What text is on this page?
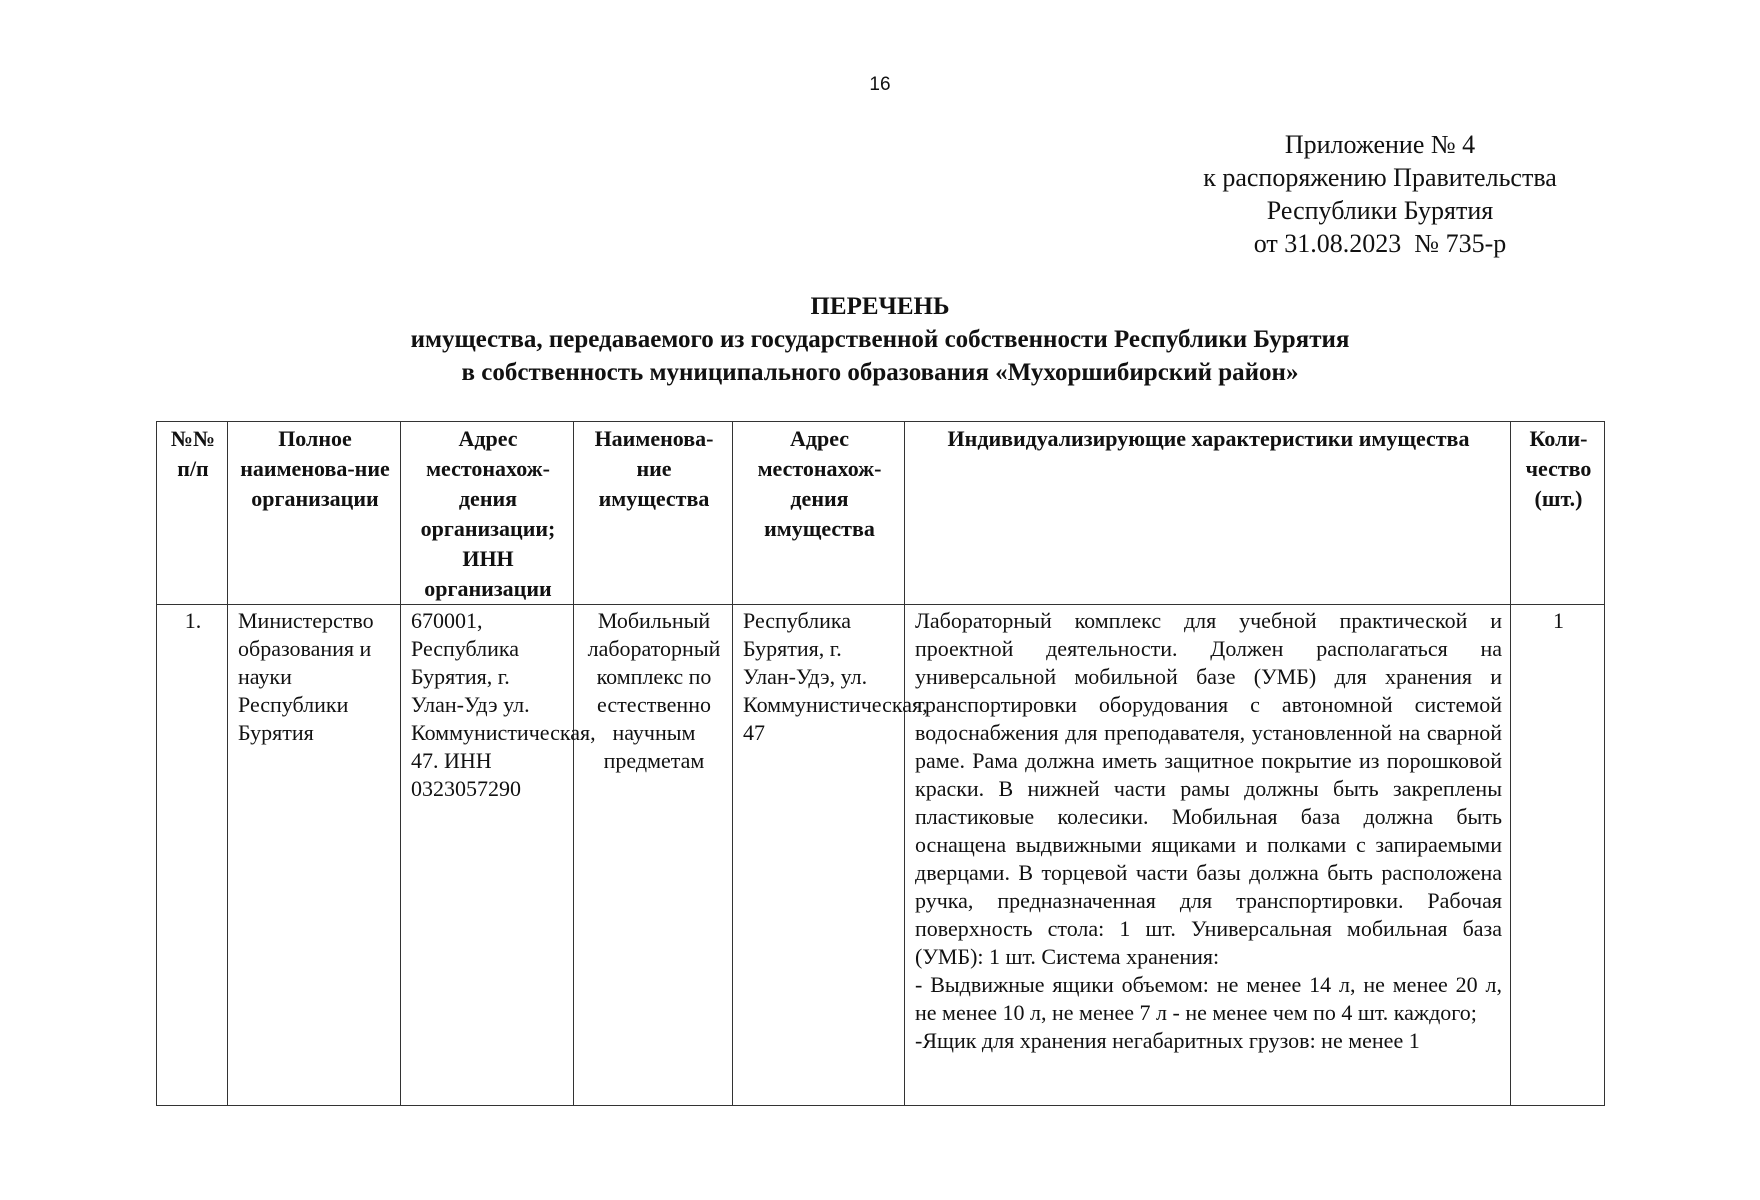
16
Приложение № 4
к распоряжению Правительства
Республики Бурятия
от 31.08.2023  № 735-р
ПЕРЕЧЕНЬ
имущества, передаваемого из государственной собственности Республики Бурятия
в собственность муниципального образования «Мухоршибирский район»
№№ п/п	Полное наименова-ние организации	Адрес местонахож-дения организации; ИНН организации	Наименова-ние имущества	Адрес местонахож-дения имущества	Индивидуализирующие характеристики имущества	Коли-чество (шт.)
1.	Министерство образования и науки Республики Бурятия	670001, Республика Бурятия, г. Улан-Удэ ул. Коммунистическая, 47. ИНН 0323057290	Мобильный лабораторный комплекс по естественно научным предметам	Республика Бурятия, г. Улан-Удэ, ул. Коммунистическая, 47	Лабораторный комплекс для учебной практической и проектной деятельности. Должен располагаться на универсальной мобильной базе (УМБ) для хранения и транспортировки оборудования с автономной системой водоснабжения для преподавателя, установленной на сварной раме. Рама должна иметь защитное покрытие из порошковой краски. В нижней части рамы должны быть закреплены пластиковые колесики. Мобильная база должна быть оснащена выдвижными ящиками и полками с запираемыми дверцами. В торцевой части базы должна быть расположена ручка, предназначенная для транспортировки. Рабочая поверхность стола: 1 шт. Универсальная мобильная база (УМБ): 1 шт. Система хранения:
- Выдвижные ящики объемом: не менее 14 л, не менее 20 л, не менее 10 л, не менее 7 л - не менее чем по 4 шт. каждого;
-Ящик для хранения негабаритных грузов: не менее 1	1
